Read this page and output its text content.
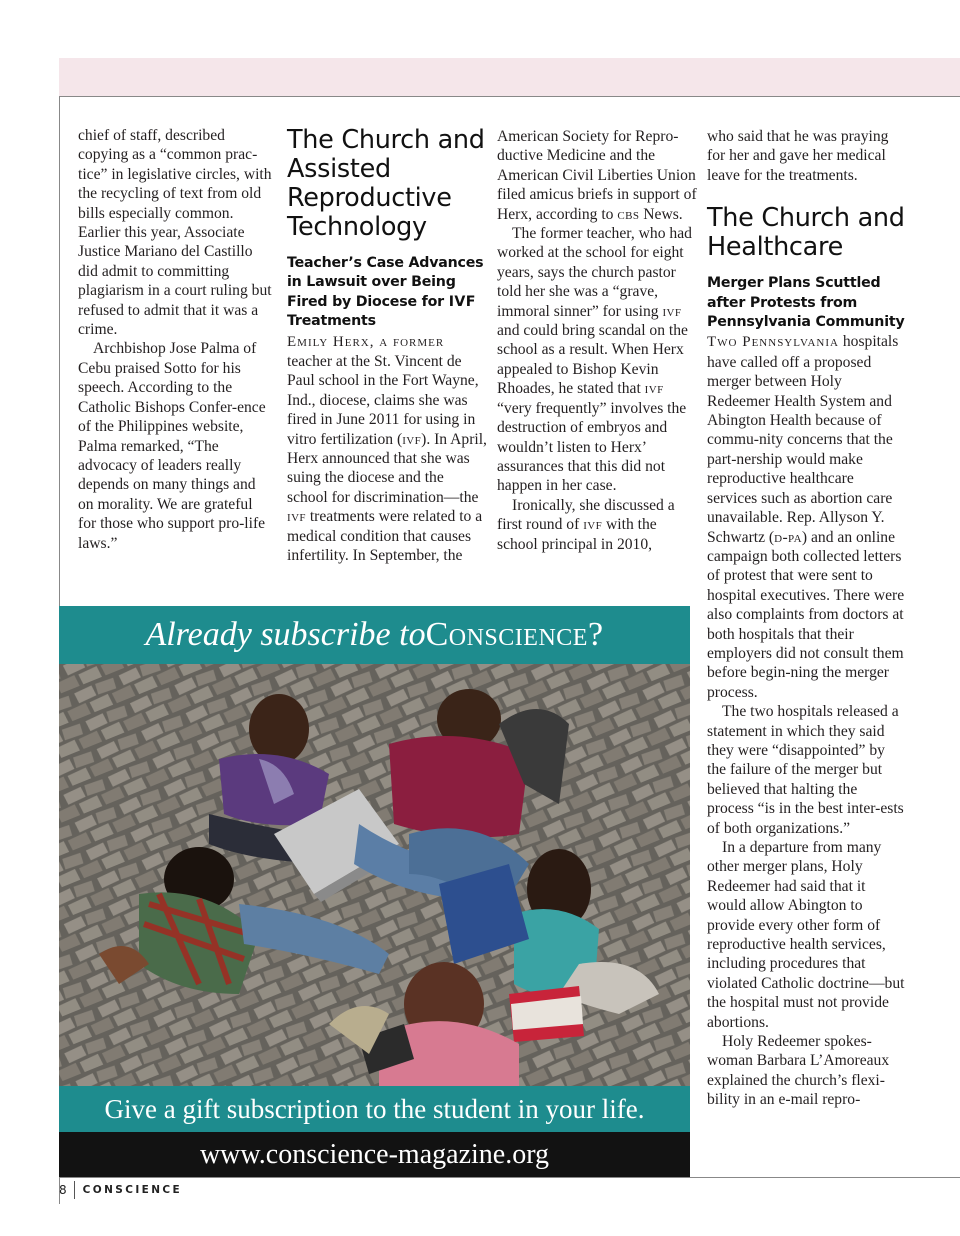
chief of staff, described copying as a “common prac-tice” in legislative circles, with the recycling of text from old bills especially common. Earlier this year, Associate Justice Mariano del Castillo did admit to committing plagiarism in a court ruling but refused to admit that it was a crime.

Archbishop Jose Palma of Cebu praised Sotto for his speech. According to the Catholic Bishops Confer-ence of the Philippines website, Palma remarked, “The advocacy of leaders really depends on many things and on morality. We are grateful for those who support pro-life laws.”

The Church and Assisted Reproductive Technology
Teacher’s Case Advances in Lawsuit over Being Fired by Diocese for IVF Treatments

Emily Herx, a former teacher at the St. Vincent de Paul school in the Fort Wayne, Ind., diocese, claims she was fired in June 2011 for using in vitro fertilization (ivf). In April, Herx announced that she was suing the diocese and the school for discrimination—the ivf treatments were related to a medical condition that causes infertility. In September, the

American Society for Repro-ductive Medicine and the American Civil Liberties Union filed amicus briefs in support of Herx, according to cbs News.

The former teacher, who had worked at the school for eight years, says the church pastor told her she was a “grave, immoral sinner” for using ivf and could bring scandal on the school as a result. When Herx appealed to Bishop Kevin Rhoades, he stated that ivf “very frequently” involves the destruction of embryos and wouldn’t listen to Herx’ assurances that this did not happen in her case.

Ironically, she discussed a first round of ivf with the school principal in 2010,

who said that he was praying for her and gave her medical leave for the treatments.

The Church and Healthcare
Merger Plans Scuttled after Protests from Pennsylvania Community

Two Pennsylvania hospitals have called off a proposed merger between Holy Redeemer Health System and Abington Health because of commu-nity concerns that the part-nership would make reproductive healthcare services such as abortion care unavailable. Rep. Allyson Y. Schwartz (d-pa) and an online campaign both collected letters of protest that were sent to hospital executives. There were also complaints from doctors at both hospitals that their employers did not consult them before begin-ning the merger process.

The two hospitals released a statement in which they said they were “disappointed” by the failure of the merger but believed that halting the process “is in the best inter-ests of both organizations.”

In a departure from many other merger plans, Holy Redeemer had said that it would allow Abington to provide every other form of reproductive health services, including procedures that violated Catholic doctrine—but the hospital must not provide abortions.

Holy Redeemer spokes-woman Barbara L’Amoreaux explained the church’s flexi-bility in an e-mail repro-

Already subscribe to Conscience?
Give a gift subscription to the student in your life.
www.conscience-magazine.org
8	CONSCIENCE
